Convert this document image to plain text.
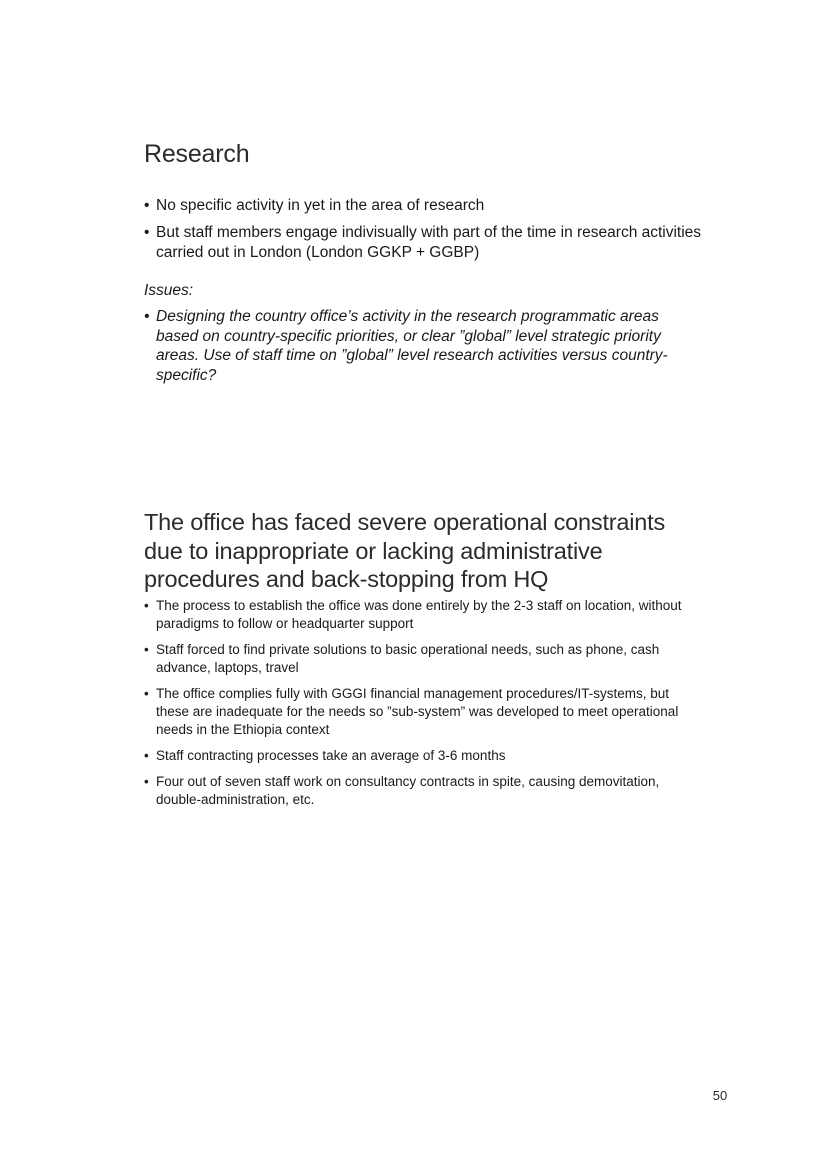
Research
• No specific activity in yet in the area of research
• But staff members engage indivisually with part of the time in research activities carried out in London (London GGKP + GGBP)
Issues:
• Designing the country office’s activity in the research programmatic areas based on country-specific priorities, or clear ”global” level strategic priority areas. Use of staff time on ”global” level research activities versus country-specific?
The office has faced severe operational constraints due to inappropriate or lacking administrative procedures and back-stopping from HQ
• The process to establish the office was done entirely by the 2-3 staff on location, without paradigms to follow or headquarter support
• Staff forced to find private solutions to basic operational needs, such as phone, cash advance, laptops, travel
• The office complies fully with GGGI financial management procedures/IT-systems, but these are inadequate for the needs so ”sub-system” was developed to meet operational needs in the Ethiopia context
• Staff contracting processes take an average of 3-6 months
• Four out of seven staff work on consultancy contracts in spite, causing demovitation, double-administration, etc.
50
